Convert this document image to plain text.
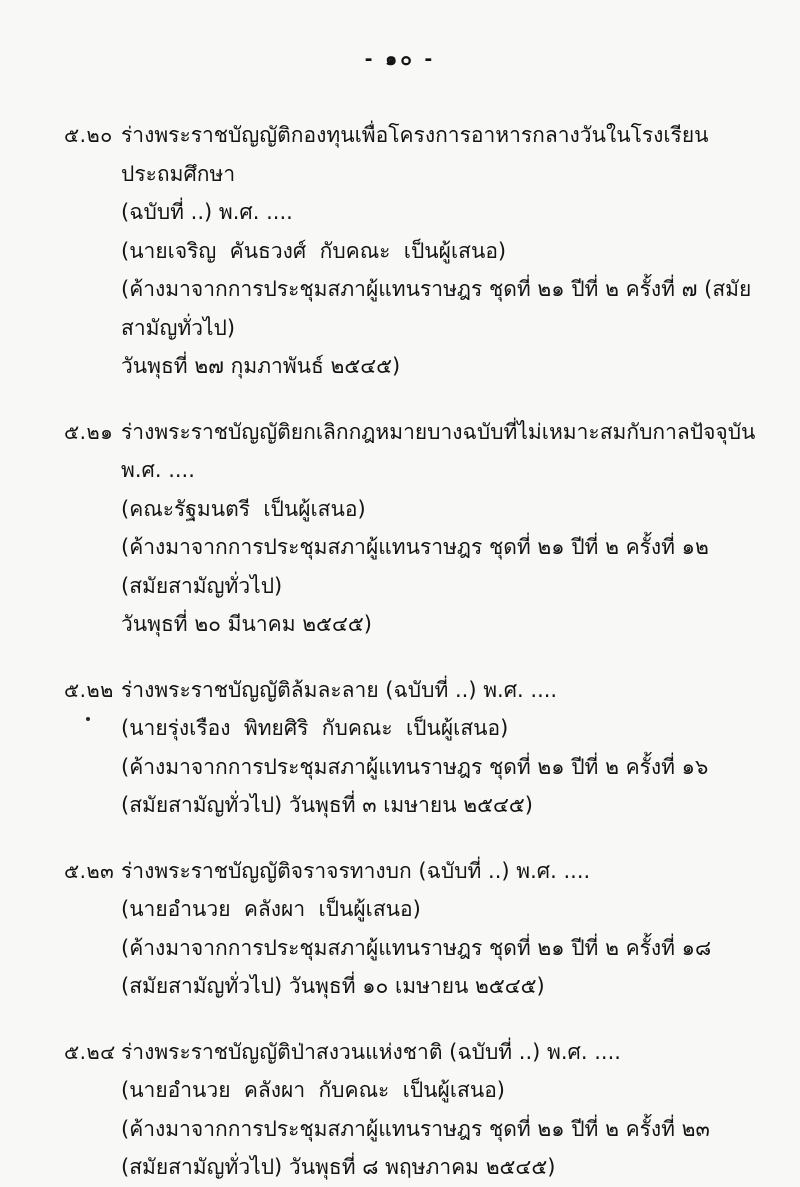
- ๑๐ -
๕.๒๐ ร่างพระราชบัญญัติกองทุนเพื่อโครงการอาหารกลางวันในโรงเรียนประถมศึกษา
(ฉบับที่ ..) พ.ศ. ....
(นายเจริญ  คันธวงศ์  กับคณะ  เป็นผู้เสนอ)
(ค้างมาจากการประชุมสภาผู้แทนราษฎร ชุดที่ ๒๑ ปีที่ ๒ ครั้งที่ ๗ (สมัยสามัญทั่วไป)
วันพุธที่ ๒๗ กุมภาพันธ์ ๒๕๔๕)
๕.๒๑ ร่างพระราชบัญญัติยกเลิกกฎหมายบางฉบับที่ไม่เหมาะสมกับกาลปัจจุบัน พ.ศ. ....
(คณะรัฐมนตรี  เป็นผู้เสนอ)
(ค้างมาจากการประชุมสภาผู้แทนราษฎร ชุดที่ ๒๑ ปีที่ ๒ ครั้งที่ ๑๒ (สมัยสามัญทั่วไป)
วันพุธที่ ๒๐ มีนาคม ๒๕๔๕)
๕.๒๒ ร่างพระราชบัญญัติล้มละลาย (ฉบับที่ ..) พ.ศ. ....
(นายรุ่งเรือง  พิทยศิริ  กับคณะ  เป็นผู้เสนอ)
(ค้างมาจากการประชุมสภาผู้แทนราษฎร ชุดที่ ๒๑ ปีที่ ๒ ครั้งที่ ๑๖
(สมัยสามัญทั่วไป) วันพุธที่ ๓ เมษายน ๒๕๔๕)
๕.๒๓ ร่างพระราชบัญญัติจราจรทางบก (ฉบับที่ ..) พ.ศ. ....
(นายอำนวย  คลังผา  เป็นผู้เสนอ)
(ค้างมาจากการประชุมสภาผู้แทนราษฎร ชุดที่ ๒๑ ปีที่ ๒ ครั้งที่ ๑๘
(สมัยสามัญทั่วไป) วันพุธที่ ๑๐ เมษายน ๒๕๔๕)
๕.๒๔ ร่างพระราชบัญญัติป่าสงวนแห่งชาติ (ฉบับที่ ..) พ.ศ. ....
(นายอำนวย  คลังผา  กับคณะ  เป็นผู้เสนอ)
(ค้างมาจากการประชุมสภาผู้แทนราษฎร ชุดที่ ๒๑ ปีที่ ๒ ครั้งที่ ๒๓
(สมัยสามัญทั่วไป) วันพุธที่ ๘ พฤษภาคม ๒๕๔๕)
